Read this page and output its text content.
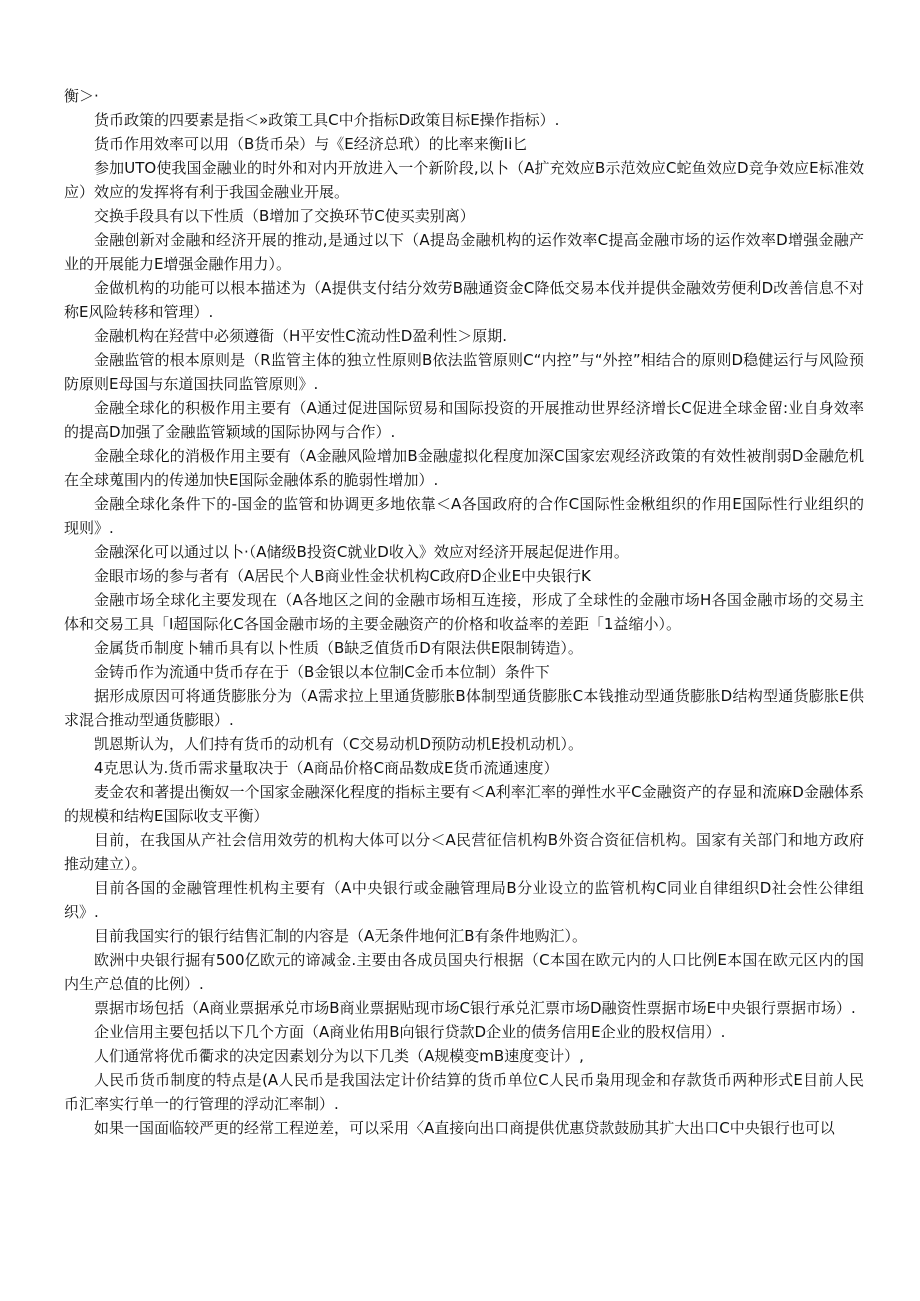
衡＞·

货币政策的四要素是指＜»政策工具C中介指标D政策目标E操作指标）.

货币作用效率可以用（B货币朵）与《E经济总玳）的比率来衡Ii匕

参加UTO使我国金融业的时外和对内开放进入一个新阶段,以卜（A扩充效应B示范效应C蛇鱼效应D竞争效应E标准效应）效应的发挥将有利于我国金融业开展。

交换手段具有以下性质（B增加了交换环节C使买卖别离）

金融创新对金融和经济开展的推动,是通过以下（A提岛金融机构的运作效率C提高金融市场的运作效率D增强金融产业的开展能力E增强金融作用力）。

金做机构的功能可以根本描述为（A提供支付结分效劳B融通资金C降低交易本伐并提供金融效劳便利D改善信息不对称E风险转移和管理）.

金融机构在羟营中必须遵衙（H平安性C流动性D盈利性＞原期.

金融监管的根本原则是（R监管主体的独立性原则B依法监管原则C“内控”与“外控”相结合的原则D稳健运行与风险预防原则E母国与东道国扶同监管原则》.

金融全球化的积极作用主要有（A通过促进国际贸易和国际投资的开展推动世界经济增长C促进全球金留:业自身效率的提高D加强了金融监管颖域的国际协网与合作）.

金融全球化的消极作用主要有（A金融风险增加B金融虚拟化程度加深C国家宏观经济政策的有效性被削弱D金融危机在全球蒐围内的传递加快E国际金融体系的脆弱性增加）.

金融全球化条件下的-国金的监管和协调更多地依靠＜A各国政府的合作C国际性金楸组织的作用E国际性行业组织的现则》.

金融深化可以通过以卜·（A储级B投资C就业D收入》效应对经济开展起促进作用。

金眼市场的参与者有（A居民个人B商业性金状机构C政府D企业E中央银行K

金融市场全球化主要发现在（A各地区之间的金融市场相互连接，形成了全球性的金融市场H各国金融市场的交易主体和交易工具「I超国际化C各国金融市场的主要金融资产的价格和收益率的差距「1益缩小）。

金属货币制度卜辅币具有以卜性质（B缺乏值货币D有限法供E限制铸造）。

金铸币作为流通中货币存在于（B金银以本位制C金币本位制）条件下

据形成原因可将通货膨胀分为（A需求拉上里通货膨胀B体制型通货膨胀C本钱推动型通货膨胀D结构型通货膨胀E供求混合推动型通货膨眼）.

凯恩斯认为，人们持有货币的动机有（C交易动机D预防动机E投机动机）。

4克思认为.货币需求量取决于（A商品价格C商品数成E货币流通速度）

麦金农和著提出衡奴一个国家金融深化程度的指标主要有＜A利率汇率的弹性水平C金融资产的存显和流麻D金融体系的规模和结构E国际收支平衡）

目前，在我国从产社会信用效劳的机构大体可以分＜A民营征信机构B外资合资征信机构。国家有关部门和地方政府推动建立）。

目前各国的金融管理性机构主要有（A中央银行或金融管理局B分业设立的监管机构C同业自律组织D社会性公律组织》.

目前我国实行的银行结售汇制的内容是（A无条件地何汇B有条件地购汇）。

欧洲中央银行掘有500亿欧元的谛减金.主要由各成员国央行根据（C本国在欧元内的人口比例E本国在欧元区内的国内生产总值的比例）.

票据市场包括（A商业票据承兑市场B商业票据贴现市场C银行承兑汇票市场D融资性票据市场E中央银行票据市场）.

企业信用主要包括以下几个方面（A商业佑用B向银行贷款D企业的债务信用E企业的股权信用）.

人们通常将优币衢求的决定因素划分为以下几类（A规模变mB速度变计）,

人民币货币制度的特点是(A人民币是我国法定计价结算的货币单位C人民币枭用现金和存款货币两种形式E目前人民币汇率实行单一的行管理的浮动汇率制）.

如果一国面临较严更的经常工程逆差，可以采用〈A直接向出口商提供优惠贷款鼓励其扩大出口C中央银行也可以
